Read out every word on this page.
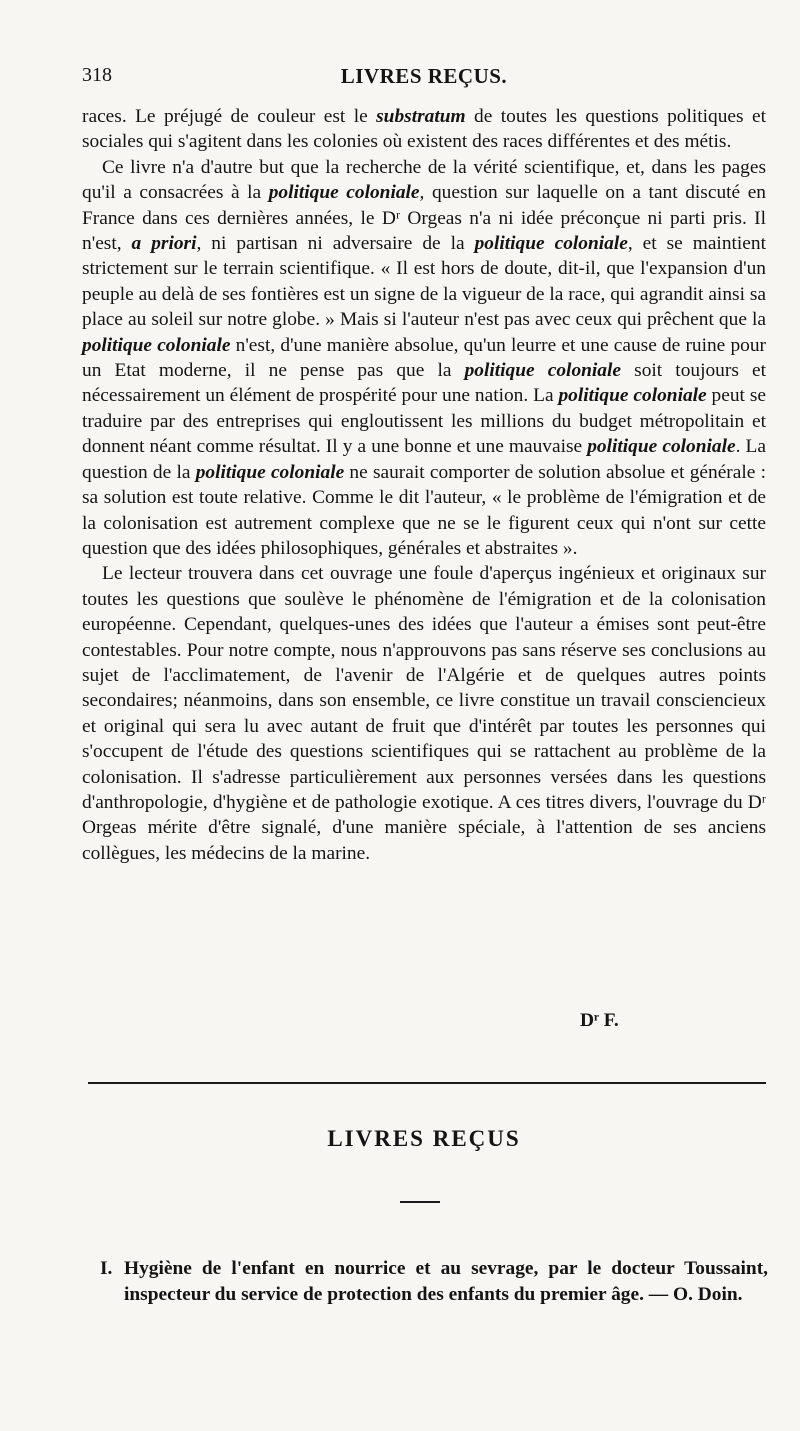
318	LIVRES REÇUS.

races. Le préjugé de couleur est le substratum de toutes les questions politiques et sociales qui s'agitent dans les colonies où existent des races différentes et des métis.

Ce livre n'a d'autre but que la recherche de la vérité scientifique, et, dans les pages qu'il a consacrées à la politique coloniale, question sur laquelle on a tant discuté en France dans ces dernières années, le Dʳ Orgeas n'a ni idée préconçue ni parti pris. Il n'est, a priori, ni partisan ni adversaire de la politique coloniale, et se maintient strictement sur le terrain scientifique. « Il est hors de doute, dit-il, que l'expansion d'un peuple au delà de ses fontières est un signe de la vigueur de la race, qui agrandit ainsi sa place au soleil sur notre globe. » Mais si l'auteur n'est pas avec ceux qui prêchent que la politique coloniale n'est, d'une manière absolue, qu'un leurre et une cause de ruine pour un Etat moderne, il ne pense pas que la politique coloniale soit toujours et nécessairement un élément de prospérité pour une nation. La politique coloniale peut se traduire par des entreprises qui engloutissent les millions du budget métropolitain et donnent néant comme résultat. Il y a une bonne et une mauvaise politique coloniale. La question de la politique coloniale ne saurait comporter de solution absolue et générale : sa solution est toute relative. Comme le dit l'auteur, « le problème de l'émigration et de la colonisation est autrement complexe que ne se le figurent ceux qui n'ont sur cette question que des idées philosophiques, générales et abstraites ».

Le lecteur trouvera dans cet ouvrage une foule d'aperçus ingénieux et originaux sur toutes les questions que soulève le phénomène de l'émigration et de la colonisation européenne. Cependant, quelques-unes des idées que l'auteur a émises sont peut-être contestables. Pour notre compte, nous n'approuvons pas sans réserve ses conclusions au sujet de l'acclimatement, de l'avenir de l'Algérie et de quelques autres points secondaires; néanmoins, dans son ensemble, ce livre constitue un travail consciencieux et original qui sera lu avec autant de fruit que d'intérêt par toutes les personnes qui s'occupent de l'étude des questions scientifiques qui se rattachent au problème de la colonisation. Il s'adresse particulièrement aux personnes versées dans les questions d'anthropologie, d'hygiène et de pathologie exotique. A ces titres divers, l'ouvrage du Dʳ Orgeas mérite d'être signalé, d'une manière spéciale, à l'attention de ses anciens collègues, les médecins de la marine.

Dʳ F.
LIVRES REÇUS
I. Hygiène de l'enfant en nourrice et au sevrage, par le docteur Toussaint, inspecteur du service de protection des enfants du premier âge. — O. Doin.
